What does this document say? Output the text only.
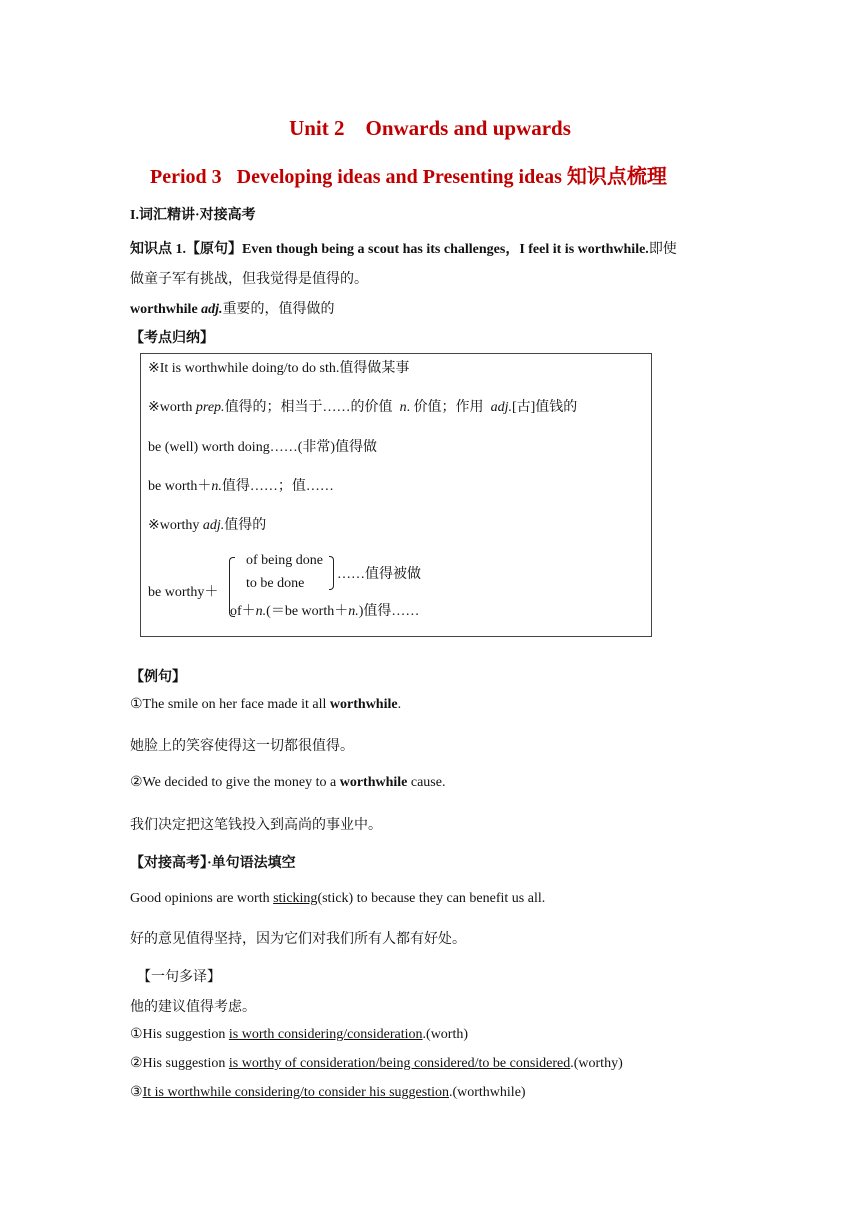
Unit 2    Onwards and upwards
Period 3   Developing ideas and Presenting ideas 知识点梳理
I.词汇精讲·对接高考
知识点 1.【原句】Even though being a scout has its challenges，I feel it is worthwhile.即使
做童子军有挑战，但我觉得是值得的。
worthwhile adj.重要的，值得做的
【考点归纳】
※It is worthwhile doing/to do sth.值得做某事
※worth prep.值得的；相当于……的价值  n. 价值；作用  adj.[古]值钱的
be (well) worth doing……(非常)值得做
be worth＋n.值得……；值……
※worthy adj.值得的
be worthy＋
of being done
to be done
……值得被做
of＋n.(＝be worth＋n.)值得……
【例句】
①The smile on her face made it all worthwhile.
她脸上的笑容使得这一切都很值得。
②We decided to give the money to a worthwhile cause.
我们决定把这笔钱投入到高尚的事业中。
【对接高考】·单句语法填空
Good opinions are worth sticking(stick) to because they can benefit us all.
好的意见值得坚持，因为它们对我们所有人都有好处。
【一句多译】
他的建议值得考虑。
①His suggestion is worth considering/consideration.(worth)
②His suggestion is worthy of consideration/being considered/to be considered.(worthy)
③It is worthwhile considering/to consider his suggestion.(worthwhile)
